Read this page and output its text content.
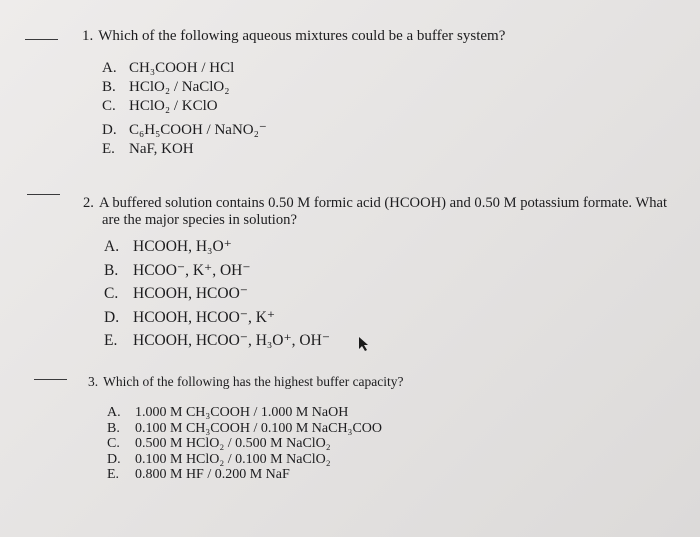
1. Which of the following aqueous mixtures could be a buffer system?
A. CH₃COOH / HCl
B. HClO₂ / NaClO₂
C. HClO₂ / KClO
D. C₆H₅COOH / NaNO₂⁻
E. NaF, KOH
2. A buffered solution contains 0.50 M formic acid (HCOOH) and 0.50 M potassium formate. What
are the major species in solution?
A. HCOOH, H₃O⁺
B. HCOO⁻, K⁺, OH⁻
C. HCOOH, HCOO⁻
D. HCOOH, HCOO⁻, K⁺
E.	HCOOH, HCOO⁻, H₃O⁺, OH⁻
3. Which of the following has the highest buffer capacity?
A.	1.000 M CH₃COOH / 1.000 M NaOH
B.	0.100 M CH₃COOH / 0.100 M NaCH₃COO
C.	0.500 M HClO₂ / 0.500 M NaClO₂
D.	0.100 M HClO₂ / 0.100 M NaClO₂
E.	0.800 M HF / 0.200 M NaF
